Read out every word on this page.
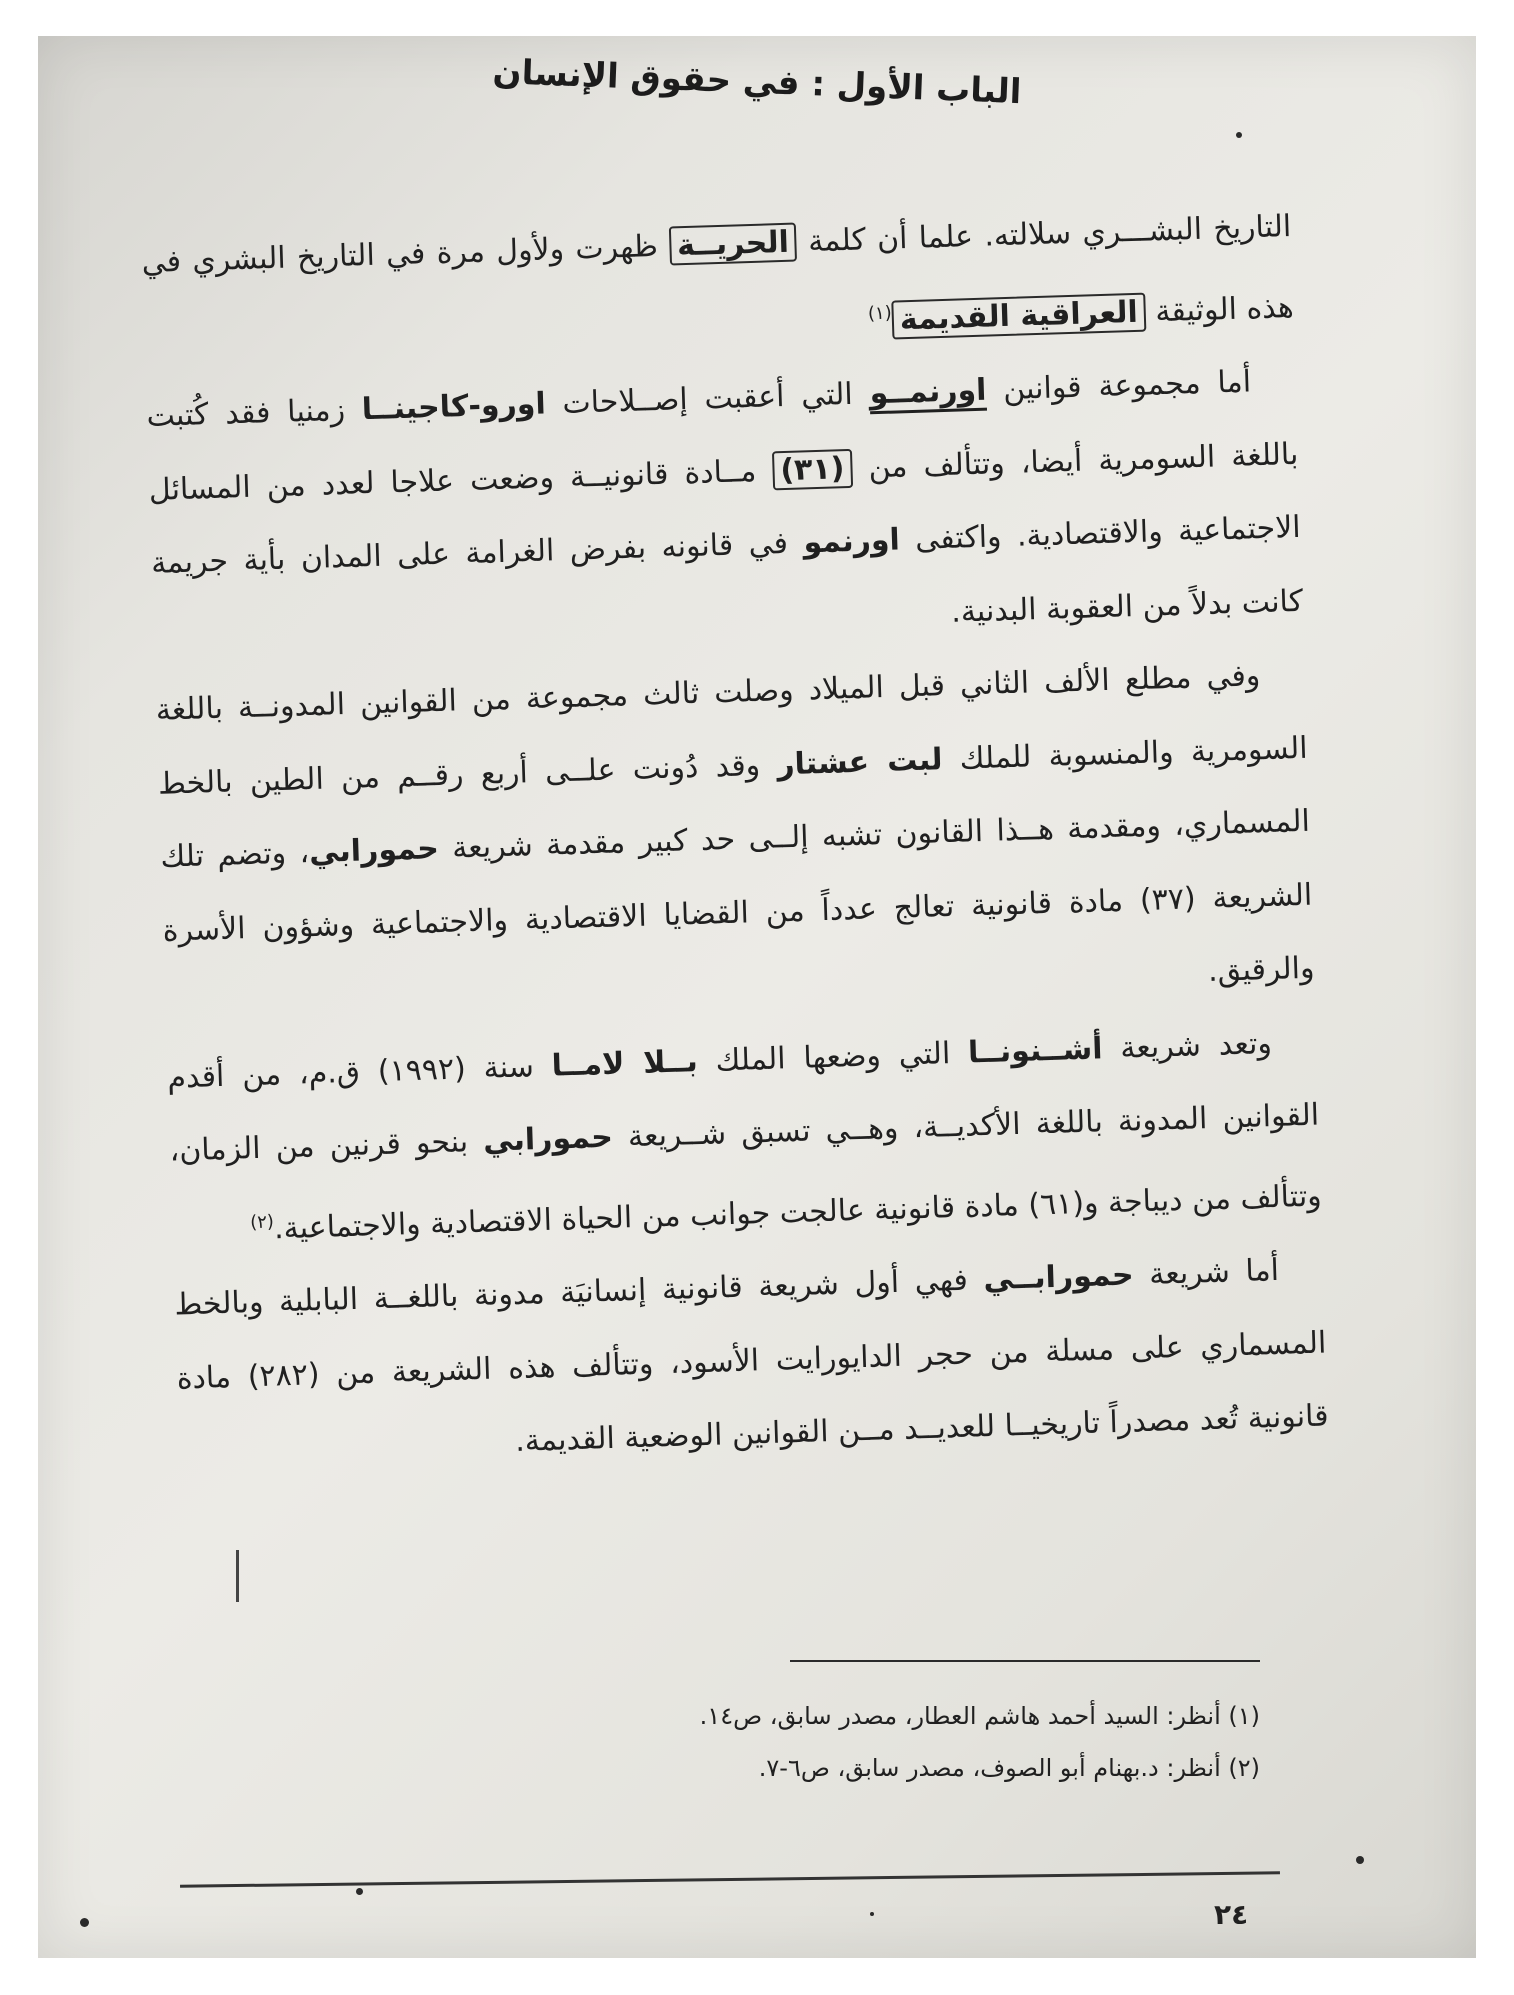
الباب الأول : في حقوق الإنسان

التاريخ البشـــري سلالته. علما أن كلمة الحريــة ظهرت ولأول مرة في التاريخ البشري في هذه الوثيقة العراقية القديمة$^{(١)}$

أما مجموعة قوانين اورنمــو التي أعقبت إصــلاحات اورو-كاجينــا زمنيا فقد كُتبت باللغة السومرية أيضا، وتتألف من (٣١) مــادة قانونيــة وضعت علاجا لعدد من المسائل الاجتماعية والاقتصادية. واكتفى اورنمو في قانونه بفرض الغرامة على المدان بأية جريمة كانت بدلاً من العقوبة البدنية.

وفي مطلع الألف الثاني قبل الميلاد وصلت ثالث مجموعة من القوانين المدونــة باللغة السومرية والمنسوبة للملك لبت عشتار وقد دُونت علــى أربع رقــم من الطين بالخط المسماري، ومقدمة هــذا القانون تشبه إلــى حد كبير مقدمة شريعة حمورابي، وتضم تلك الشريعة (٣٧) مادة قانونية تعالج عدداً من القضايا الاقتصادية والاجتماعية وشؤون الأسرة والرقيق.

وتعد شريعة أشــنونــا التي وضعها الملك بــلا لامــا سنة (١٩٩٢) ق.م، من أقدم القوانين المدونة باللغة الأكديــة، وهــي تسبق شــريعة حمورابي بنحو قرنين من الزمان، وتتألف من ديباجة و(٦١) مادة قانونية عالجت جوانب من الحياة الاقتصادية والاجتماعية.$^{(٢)}$

أما شريعة حمورابــي فهي أول شريعة قانونية إنسانيَة مدونة باللغــة البابلية وبالخط المسماري على مسلة من حجر الدايورايت الأسود، وتتألف هذه الشريعة من (٢٨٢) مادة قانونية تُعد مصدراً تاريخيــا للعديــد مــن القوانين الوضعية القديمة.

(١) أنظر: السيد أحمد هاشم العطار، مصدر سابق، ص١٤.

(٢) أنظر: د.بهنام أبو الصوف، مصدر سابق، ص٦-٧.

٢٤
